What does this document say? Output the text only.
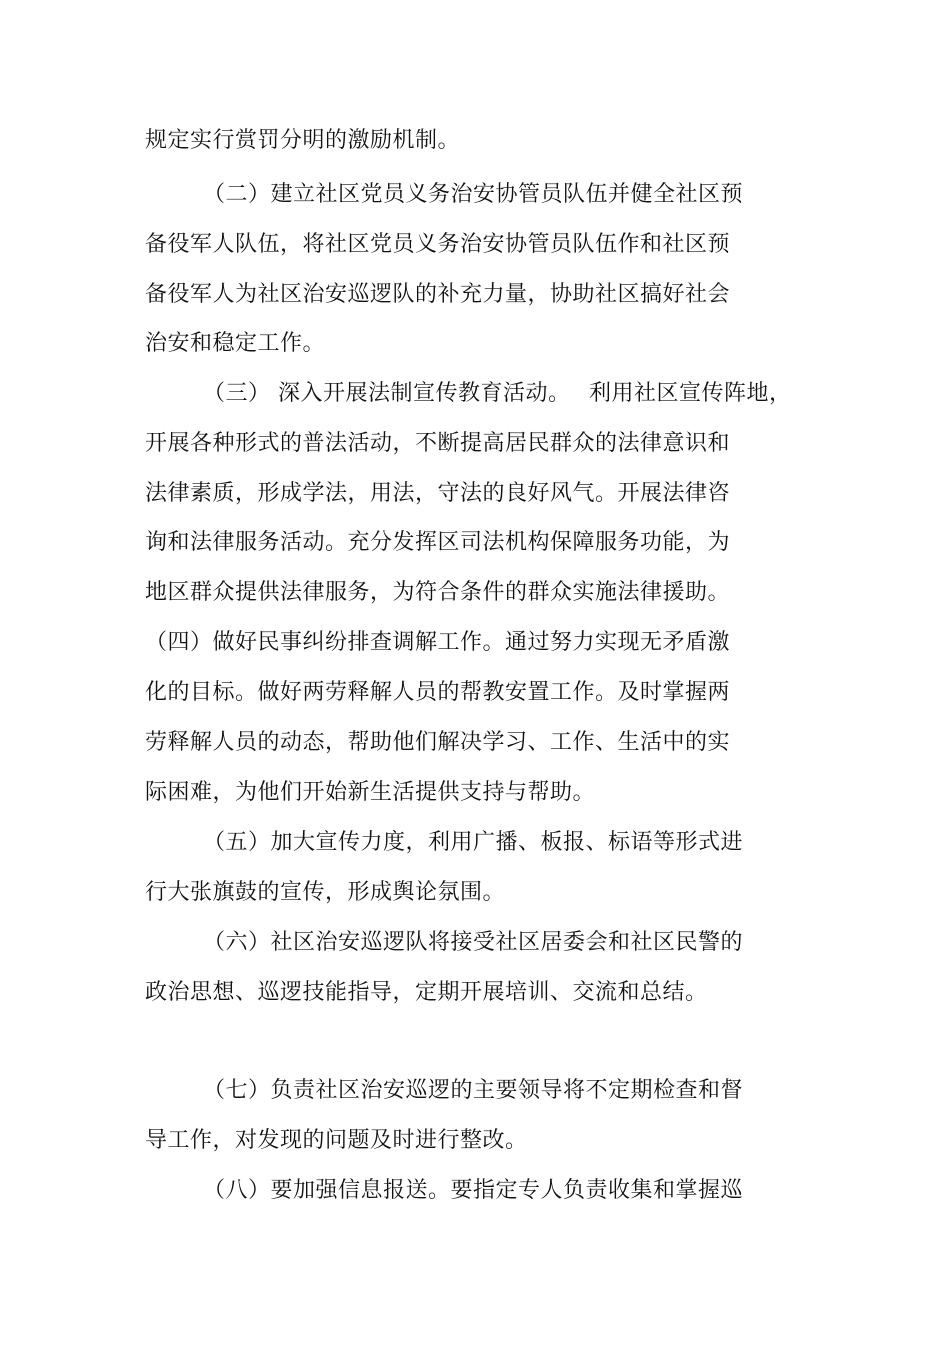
规定实行赏罚分明的激励机制。
（二）建立社区党员义务治安协管员队伍并健全社区预
备役军人队伍，将社区党员义务治安协管员队伍作和社区预
备役军人为社区治安巡逻队的补充力量，协助社区搞好社会
治安和稳定工作。
（三） 深入开展法制宣传教育活动。 利用社区宣传阵地，
开展各种形式的普法活动，不断提高居民群众的法律意识和
法律素质，形成学法，用法，守法的良好风气。开展法律咨
询和法律服务活动。充分发挥区司法机构保障服务功能，为
地区群众提供法律服务，为符合条件的群众实施法律援助。
（四）做好民事纠纷排查调解工作。通过努力实现无矛盾激
化的目标。做好两劳释解人员的帮教安置工作。及时掌握两
劳释解人员的动态，帮助他们解决学习、工作、生活中的实
际困难，为他们开始新生活提供支持与帮助。
（五）加大宣传力度，利用广播、板报、标语等形式进
行大张旗鼓的宣传，形成舆论氛围。
（六）社区治安巡逻队将接受社区居委会和社区民警的
政治思想、巡逻技能指导，定期开展培训、交流和总结。
（七）负责社区治安巡逻的主要领导将不定期检查和督
导工作，对发现的问题及时进行整改。
（八）要加强信息报送。要指定专人负责收集和掌握巡
